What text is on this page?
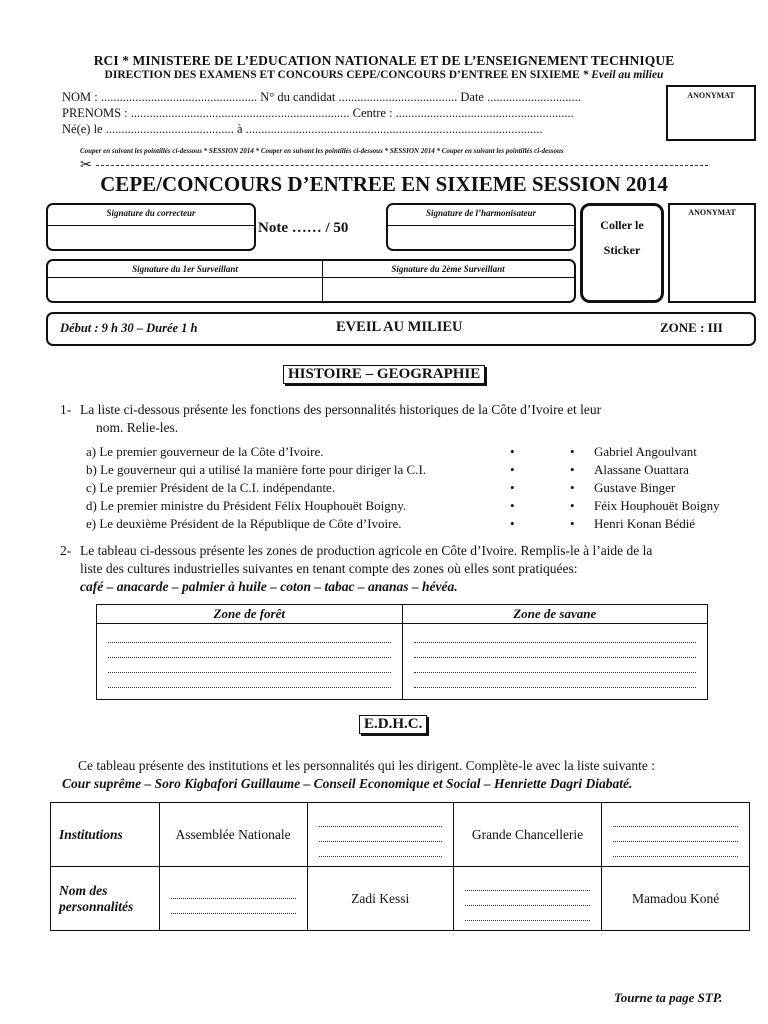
RCI * MINISTERE DE L’EDUCATION NATIONALE ET DE L’ENSEIGNEMENT TECHNIQUE
DIRECTION DES EXAMENS ET CONCOURS CEPE/CONCOURS D’ENTREE EN SIXIEME * Eveil au milieu
NOM : .................................................. N° du candidat ...................................... Date ..............................
PRENOMS : ...................................................................... Centre : .........................................................
Né(e) le ......................................... à ...............................................................................................
ANONYMAT
Couper en suivant les pointillés ci-dessous * SESSION 2014 * Couper en suivant les pointillés ci-dessous * SESSION 2014 * Couper en suivant les pointillés ci-dessous
✂
CEPE/CONCOURS D’ENTREE EN SIXIEME SESSION 2014
Signature du correcteur
Note …… / 50
Signature de l’harmonisateur
Coller le
Sticker
ANONYMAT
Signature du 1er Surveillant	Signature du 2ème Surveillant
Début : 9 h 30 – Durée 1 h	EVEIL AU MILIEU	ZONE : III
HISTOIRE – GEOGRAPHIE
1- La liste ci-dessous présente les fonctions des personnalités historiques de la Côte d’Ivoire et leur
nom. Relie-les.
a) Le premier gouverneur de la Côte d’Ivoire.	•	• Gabriel Angoulvant
b) Le gouverneur qui a utilisé la manière forte pour diriger la C.I.	•	• Alassane Ouattara
c) Le premier Président de la C.I. indépendante.	•	• Gustave Binger
d) Le premier ministre du Président Félix Houphouët Boigny.	•	• Féix Houphouët Boigny
e) Le deuxième Président de la République de Côte d’Ivoire.	•	• Henri Konan Bédié
2- Le tableau ci-dessous présente les zones de production agricole en Côte d’Ivoire. Remplis-le à l’aide de la
liste des cultures industrielles suivantes en tenant compte des zones où elles sont pratiquées:
café – anacarde – palmier à huile – coton – tabac – ananas – hévéa.
Zone de forêt	Zone de savane

E.D.H.C.
Ce tableau présente des institutions et les personnalités qui les dirigent. Complète-le avec la liste suivante :
Cour suprême – Soro Kigbafori Guillaume – Conseil Economique et Social – Henriette Dagri Diabaté.
Institutions	Assemblée Nationale		Grande Chancellerie	

Nom des personnalités		Zadi Kessi		Mamadou Koné
Tourne ta page STP.
